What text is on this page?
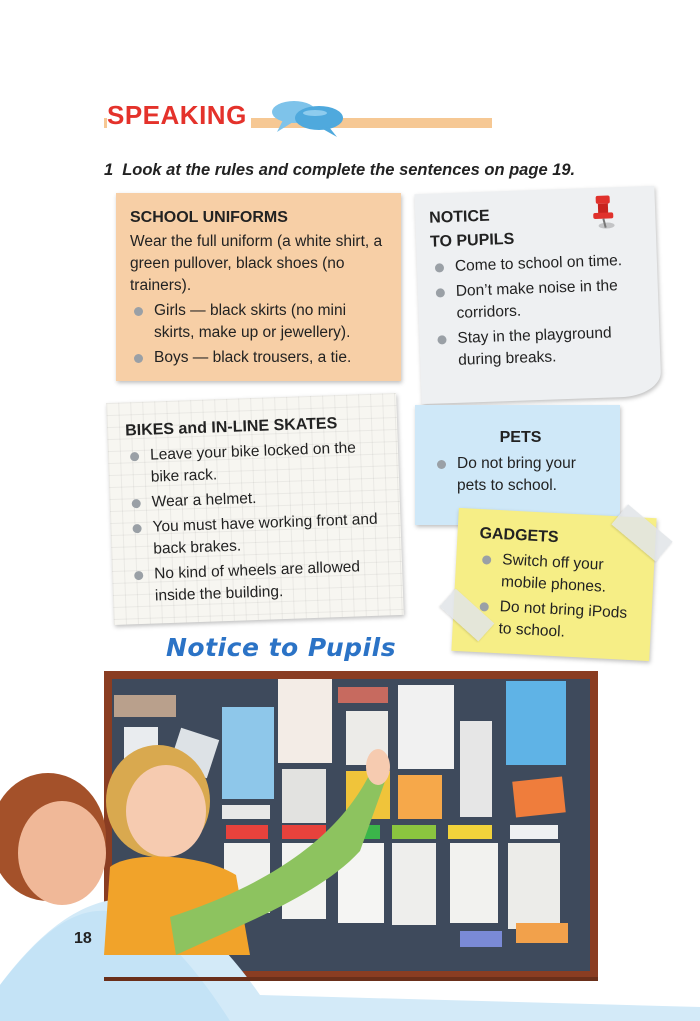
SPEAKING
1 Look at the rules and complete the sentences on page 19.
SCHOOL UNIFORMS

Wear the full uniform (a white shirt, a green pullover, black shoes (no trainers).

Girls — black skirts (no mini skirts, make up or jewellery).
Boys — black trousers, a tie.
NOTICE
TO PUPILS
Come to school on time.
Don’t make noise in the corridors.
Stay in the playground during breaks.
BIKES and IN-LINE SKATES
Leave your bike locked on the bike rack.
Wear a helmet.
You must have working front and back brakes.
No kind of wheels are allowed inside the building.
PETS
Do not bring your pets to school.
GADGETS
Switch off your mobile phones.
Do not bring iPods to school.
Notice to Pupils
18
